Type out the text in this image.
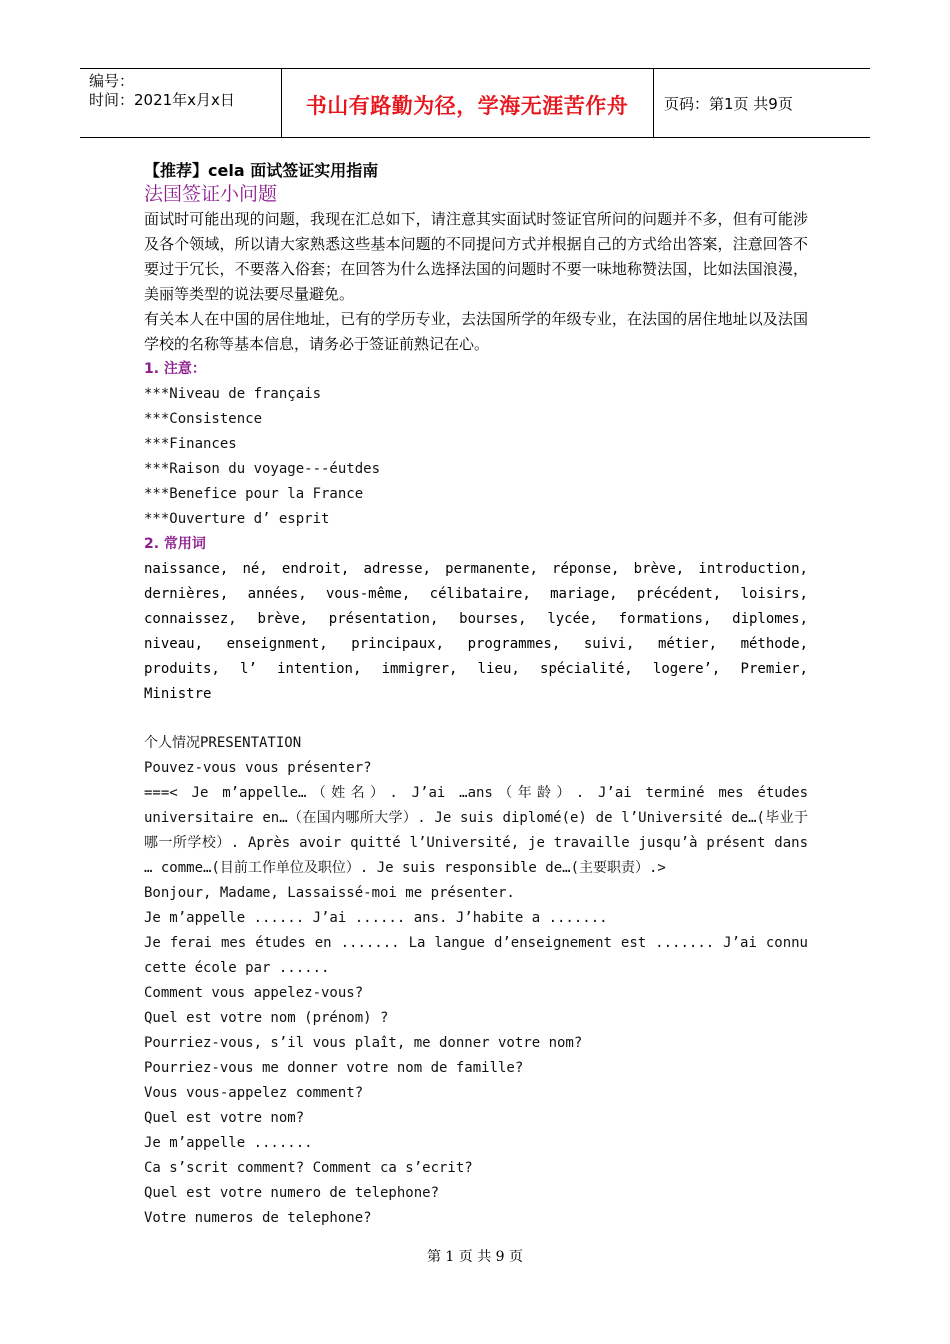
编号：
时间：2021年x月x日	书山有路勤为径，学海无涯苦作舟	页码：第1页 共9页

【推荐】cela 面试签证实用指南

法国签证小问题

面试时可能出现的问题，我现在汇总如下，请注意其实面试时签证官所问的问题并不多，但有可能涉及各个领域，所以请大家熟悉这些基本问题的不同提问方式并根据自己的方式给出答案，注意回答不要过于冗长，不要落入俗套；在回答为什么选择法国的问题时不要一味地称赞法国，比如法国浪漫，美丽等类型的说法要尽量避免。

有关本人在中国的居住地址，已有的学历专业，去法国所学的年级专业，在法国的居住地址以及法国学校的名称等基本信息，请务必于签证前熟记在心。

1. 注意：

***Niveau de français

***Consistence

***Finances

***Raison du voyage---éutdes

***Benefice pour la France

***Ouverture d’ esprit

2. 常用词

naissance, né, endroit, adresse, permanente, réponse, brève, introduction, dernières, années, vous-même, célibataire, mariage, précédent, loisirs, connaissez, brève, présentation, bourses, lycée, formations, diplomes, niveau, enseignment, principaux, programmes, suivi, métier, méthode, produits, l’ intention, immigrer, lieu, spécialité, logere’, Premier, Ministre

个人情况PRESENTATION

Pouvez-vous vous présenter?

===< Je m’appelle…（姓名）. J’ai …ans（年龄）. J’ai terminé mes études universitaire en…（在国内哪所大学）. Je suis diplomé(e) de l’Université de…(毕业于哪一所学校）. Après avoir quitté l’Université, je travaille jusqu’à présent dans … comme…(目前工作单位及职位）. Je suis responsible de…(主要职责）.>

Bonjour, Madame, Lassaissé-moi me présenter.

Je m’appelle ...... J’ai ...... ans. J’habite a .......

Je ferai mes études en ....... La langue d’enseignement est ....... J’ai connu cette école par ......

Comment vous appelez-vous?

Quel est votre nom (prénom) ?

Pourriez-vous, s’il vous plaît, me donner votre nom?

Pourriez-vous me donner votre nom de famille?

Vous vous-appelez comment?

Quel est votre nom?

Je m’appelle .......

Ca s’scrit comment? Comment ca s’ecrit?

Quel est votre numero de telephone?

Votre numeros de telephone?

第 1 页 共 9 页
